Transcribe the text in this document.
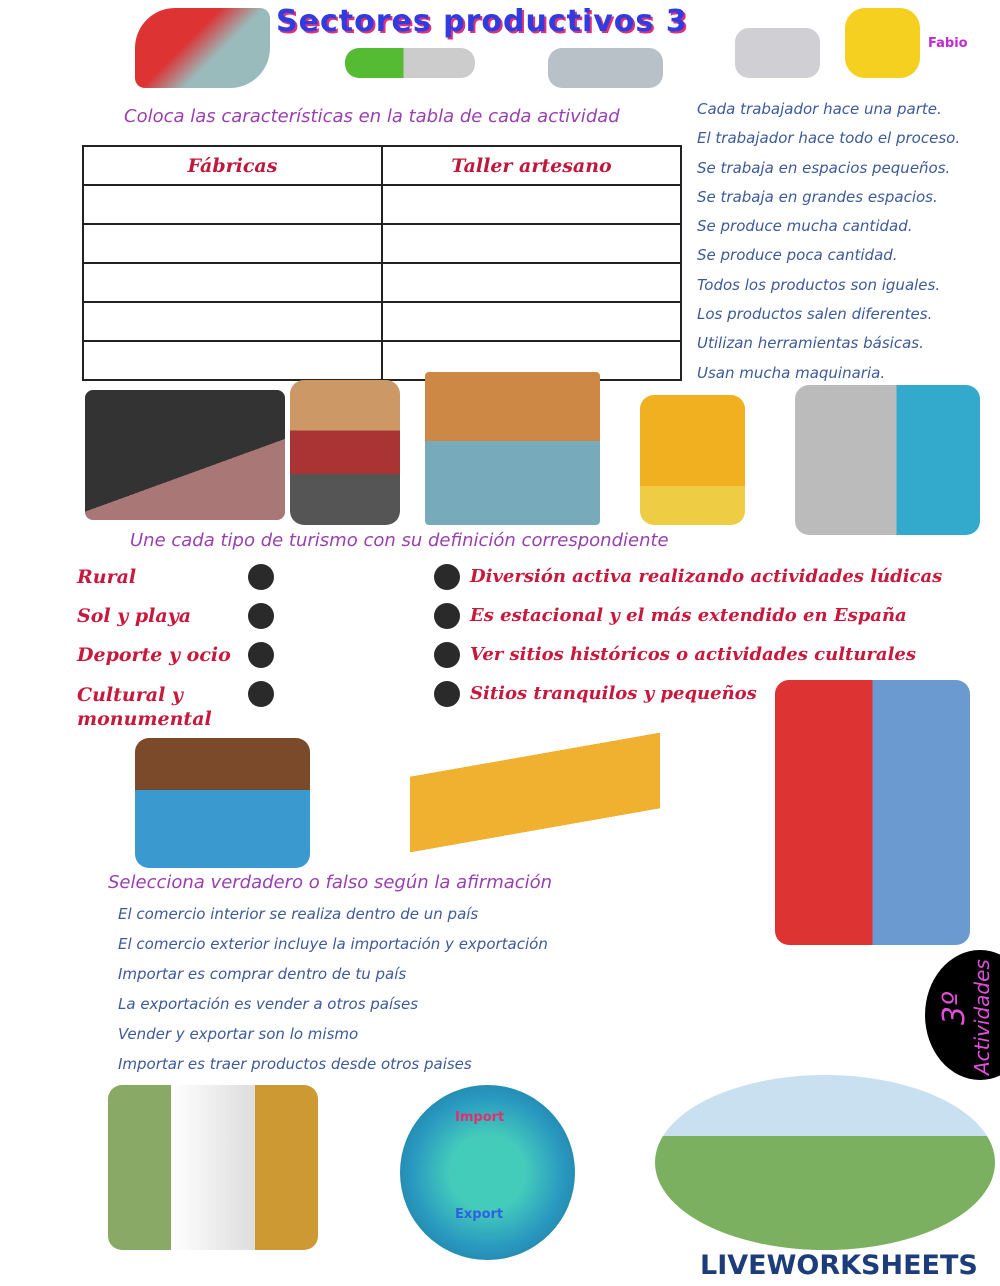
Sectores productivos 3
Fabio
Coloca las características en la tabla de cada actividad
Fábricas	Taller artesano

Cada trabajador hace una parte.
El trabajador hace todo el proceso.
Se trabaja en espacios pequeños.
Se trabaja en grandes espacios.
Se produce mucha cantidad.
Se produce poca cantidad.
Todos los productos son iguales.
Los productos salen diferentes.
Utilizan herramientas básicas.
Usan mucha maquinaria.
Une cada tipo de turismo con su definición correspondiente
Rural
Sol y playa
Deporte y ocio
Cultural y monumental
Diversión activa realizando actividades lúdicas
Es estacional y el más extendido en España
Ver sitios históricos o actividades culturales
Sitios tranquilos y pequeños
Selecciona verdadero o falso según la afirmación
El comercio interior se realiza dentro de un país
El comercio exterior incluye la importación y exportación
Importar es comprar dentro de tu país
La exportación es vender a otros países
Vender y exportar son lo mismo
Importar es traer productos desde otros paises
3º
Actividades
Import
Export
LIVEWORKSHEETS
